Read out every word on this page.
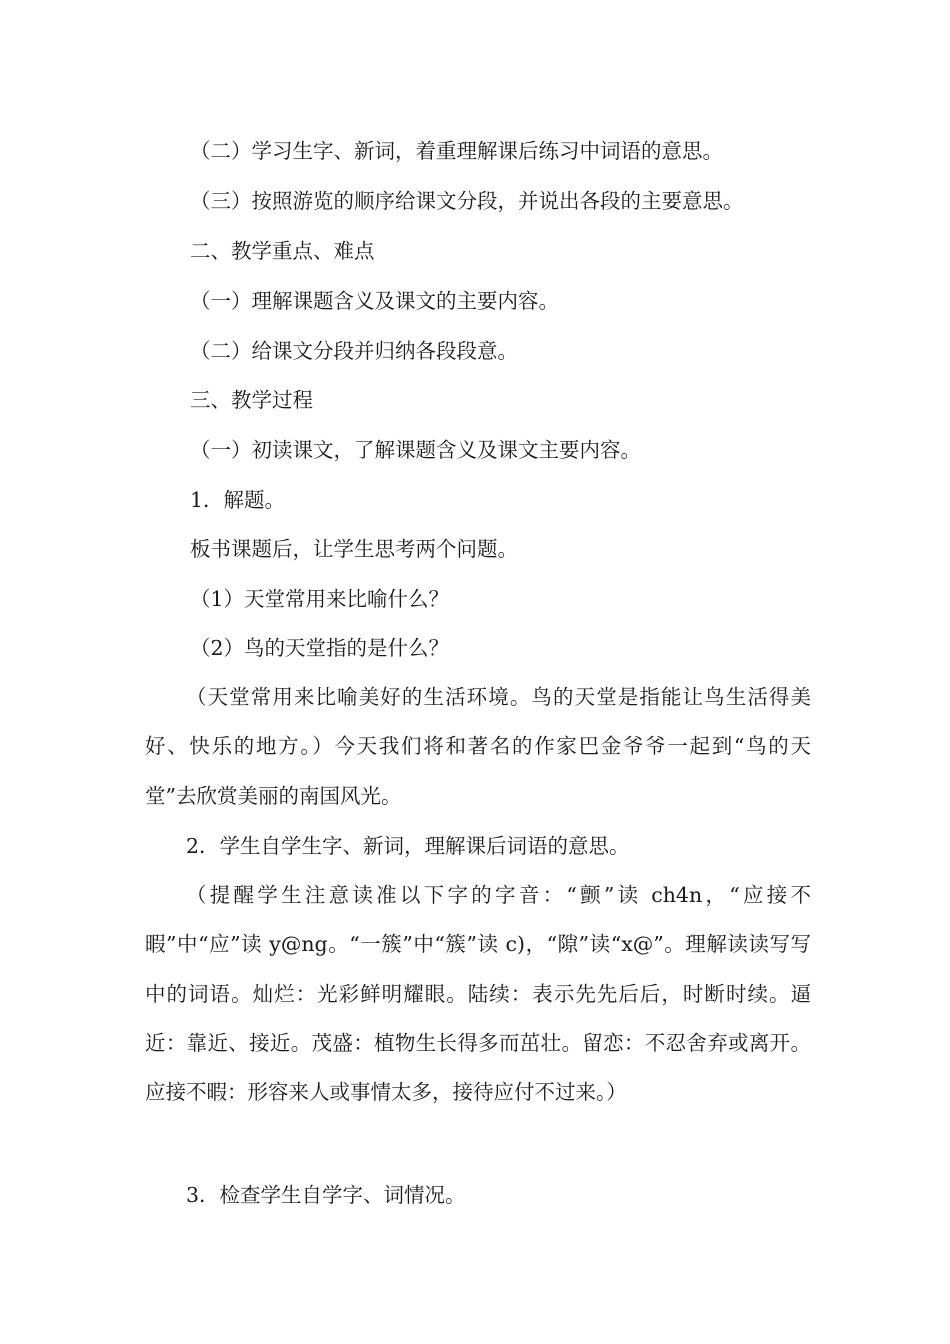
（二）学习生字、新词，着重理解课后练习中词语的意思。
（三）按照游览的顺序给课文分段，并说出各段的主要意思。
二、教学重点、难点
（一）理解课题含义及课文的主要内容。
（二）给课文分段并归纳各段段意。
三、教学过程
（一）初读课文，了解课题含义及课文主要内容。
1．解题。
板书课题后，让学生思考两个问题。
（1）天堂常用来比喻什么？
（2）鸟的天堂指的是什么？
（天堂常用来比喻美好的生活环境。鸟的天堂是指能让鸟生活得美好、快乐的地方。）今天我们将和著名的作家巴金爷爷一起到“鸟的天堂”去欣赏美丽的南国风光。
2．学生自学生字、新词，理解课后词语的意思。
（提醒学生注意读准以下字的字音：“颤”读 ch4n，“应接不暇”中“应”读 y@ng。“一簇”中“簇”读 c)，“隙”读“x@”。理解读读写写中的词语。灿烂：光彩鲜明耀眼。陆续：表示先先后后，时断时续。逼近：靠近、接近。茂盛：植物生长得多而茁壮。留恋：不忍舍弃或离开。应接不暇：形容来人或事情太多，接待应付不过来。）
3．检查学生自学字、词情况。
